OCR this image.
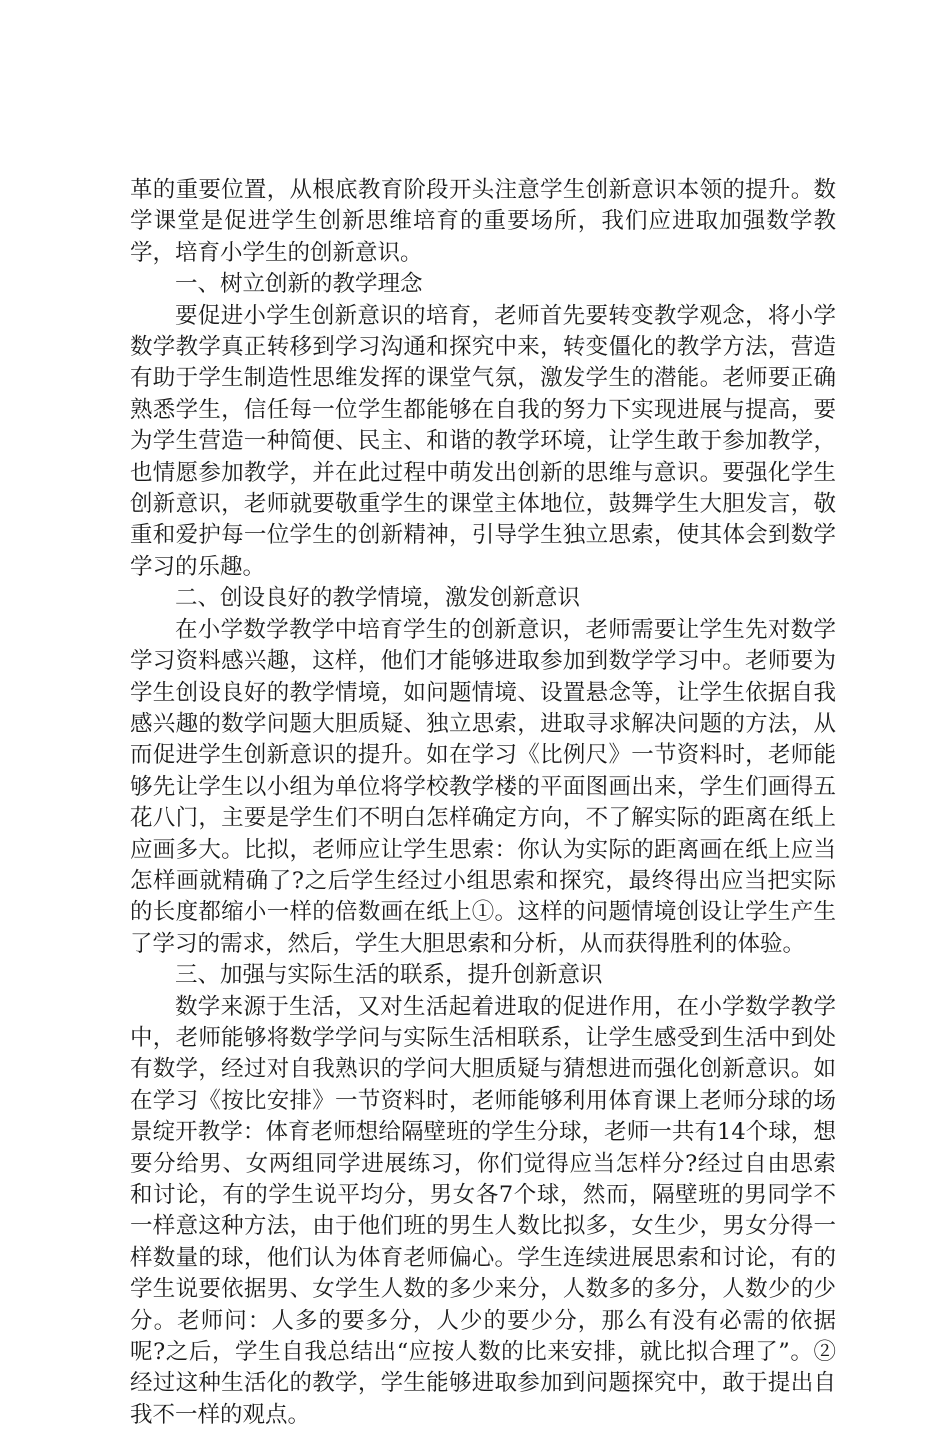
革的重要位置，从根底教育阶段开头注意学生创新意识本领的提升。数学课堂是促进学生创新思维培育的重要场所，我们应进取加强数学教学，培育小学生的创新意识。

一、树立创新的教学理念

要促进小学生创新意识的培育，老师首先要转变教学观念，将小学数学教学真正转移到学习沟通和探究中来，转变僵化的教学方法，营造有助于学生制造性思维发挥的课堂气氛，激发学生的潜能。老师要正确熟悉学生，信任每一位学生都能够在自我的努力下实现进展与提高，要为学生营造一种简便、民主、和谐的教学环境，让学生敢于参加教学，也情愿参加教学，并在此过程中萌发出创新的思维与意识。要强化学生创新意识，老师就要敬重学生的课堂主体地位，鼓舞学生大胆发言，敬重和爱护每一位学生的创新精神，引导学生独立思索，使其体会到数学学习的乐趣。

二、创设良好的教学情境，激发创新意识

在小学数学教学中培育学生的创新意识，老师需要让学生先对数学学习资料感兴趣，这样，他们才能够进取参加到数学学习中。老师要为学生创设良好的教学情境，如问题情境、设置悬念等，让学生依据自我感兴趣的数学问题大胆质疑、独立思索，进取寻求解决问题的方法，从而促进学生创新意识的提升。如在学习《比例尺》一节资料时，老师能够先让学生以小组为单位将学校教学楼的平面图画出来，学生们画得五花八门，主要是学生们不明白怎样确定方向，不了解实际的距离在纸上应画多大。比拟，老师应让学生思索：你认为实际的距离画在纸上应当怎样画就精确了?之后学生经过小组思索和探究，最终得出应当把实际的长度都缩小一样的倍数画在纸上①。这样的问题情境创设让学生产生了学习的需求，然后，学生大胆思索和分析，从而获得胜利的体验。

三、加强与实际生活的联系，提升创新意识

数学来源于生活，又对生活起着进取的促进作用，在小学数学教学中，老师能够将数学学问与实际生活相联系，让学生感受到生活中到处有数学，经过对自我熟识的学问大胆质疑与猜想进而强化创新意识。如在学习《按比安排》一节资料时，老师能够利用体育课上老师分球的场景绽开教学：体育老师想给隔壁班的学生分球，老师一共有14个球，想要分给男、女两组同学进展练习，你们觉得应当怎样分?经过自由思索和讨论，有的学生说平均分，男女各7个球，然而，隔壁班的男同学不一样意这种方法，由于他们班的男生人数比拟多，女生少，男女分得一样数量的球，他们认为体育老师偏心。学生连续进展思索和讨论，有的学生说要依据男、女学生人数的多少来分，人数多的多分，人数少的少分。老师问：人多的要多分，人少的要少分，那么有没有必需的依据呢?之后，学生自我总结出“应按人数的比来安排，就比拟合理了”。②经过这种生活化的教学，学生能够进取参加到问题探究中，敢于提出自我不一样的观点。
